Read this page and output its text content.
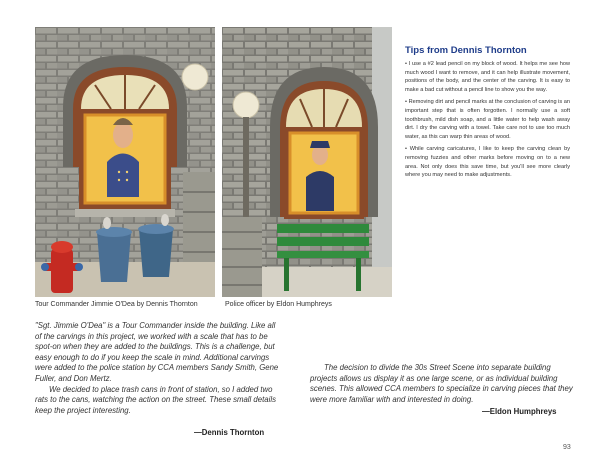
Tour Commander Jimmie O'Dea by Dennis Thornton	Police officer by Eldon Humphreys
Tips from Dennis Thornton
• I use a #2 lead pencil on my block of wood. It helps me see how much wood I want to remove, and it can help illustrate movement, positions of the body, and the center of the carving. It is easy to make a bad cut without a pencil line to show you the way.
• Removing dirt and pencil marks at the conclusion of carving is an important step that is often forgotten. I normally use a soft toothbrush, mild dish soap, and a little water to help wash away dirt. I dry the carving with a towel. Take care not to use too much water, as this can warp thin areas of wood.
• While carving caricatures, I like to keep the carving clean by removing fuzzies and other marks before moving on to a new area. Not only does this save time, but you'll see more clearly where you may need to make adjustments.

"Sgt. Jimmie O'Dea" is a Tour Commander inside the building. Like all of the carvings in this project, we worked with a scale that has to be spot-on when they are added to the buildings. This is a challenge, but easy enough to do if you keep the scale in mind. Additional carvings were added to the police station by CCA members Sandy Smith, Gene Fuller, and Don Mertz.

We decided to place trash cans in front of station, so I added two rats to the cans, watching the action on the street. These small details keep the project interesting.

—Dennis Thornton

The decision to divide the 30s Street Scene into separate building projects allows us display it as one large scene, or as individual building scenes. This allowed CCA members to specialize in carving pieces that they were more familiar with and interested in doing.

—Eldon Humphreys
93
